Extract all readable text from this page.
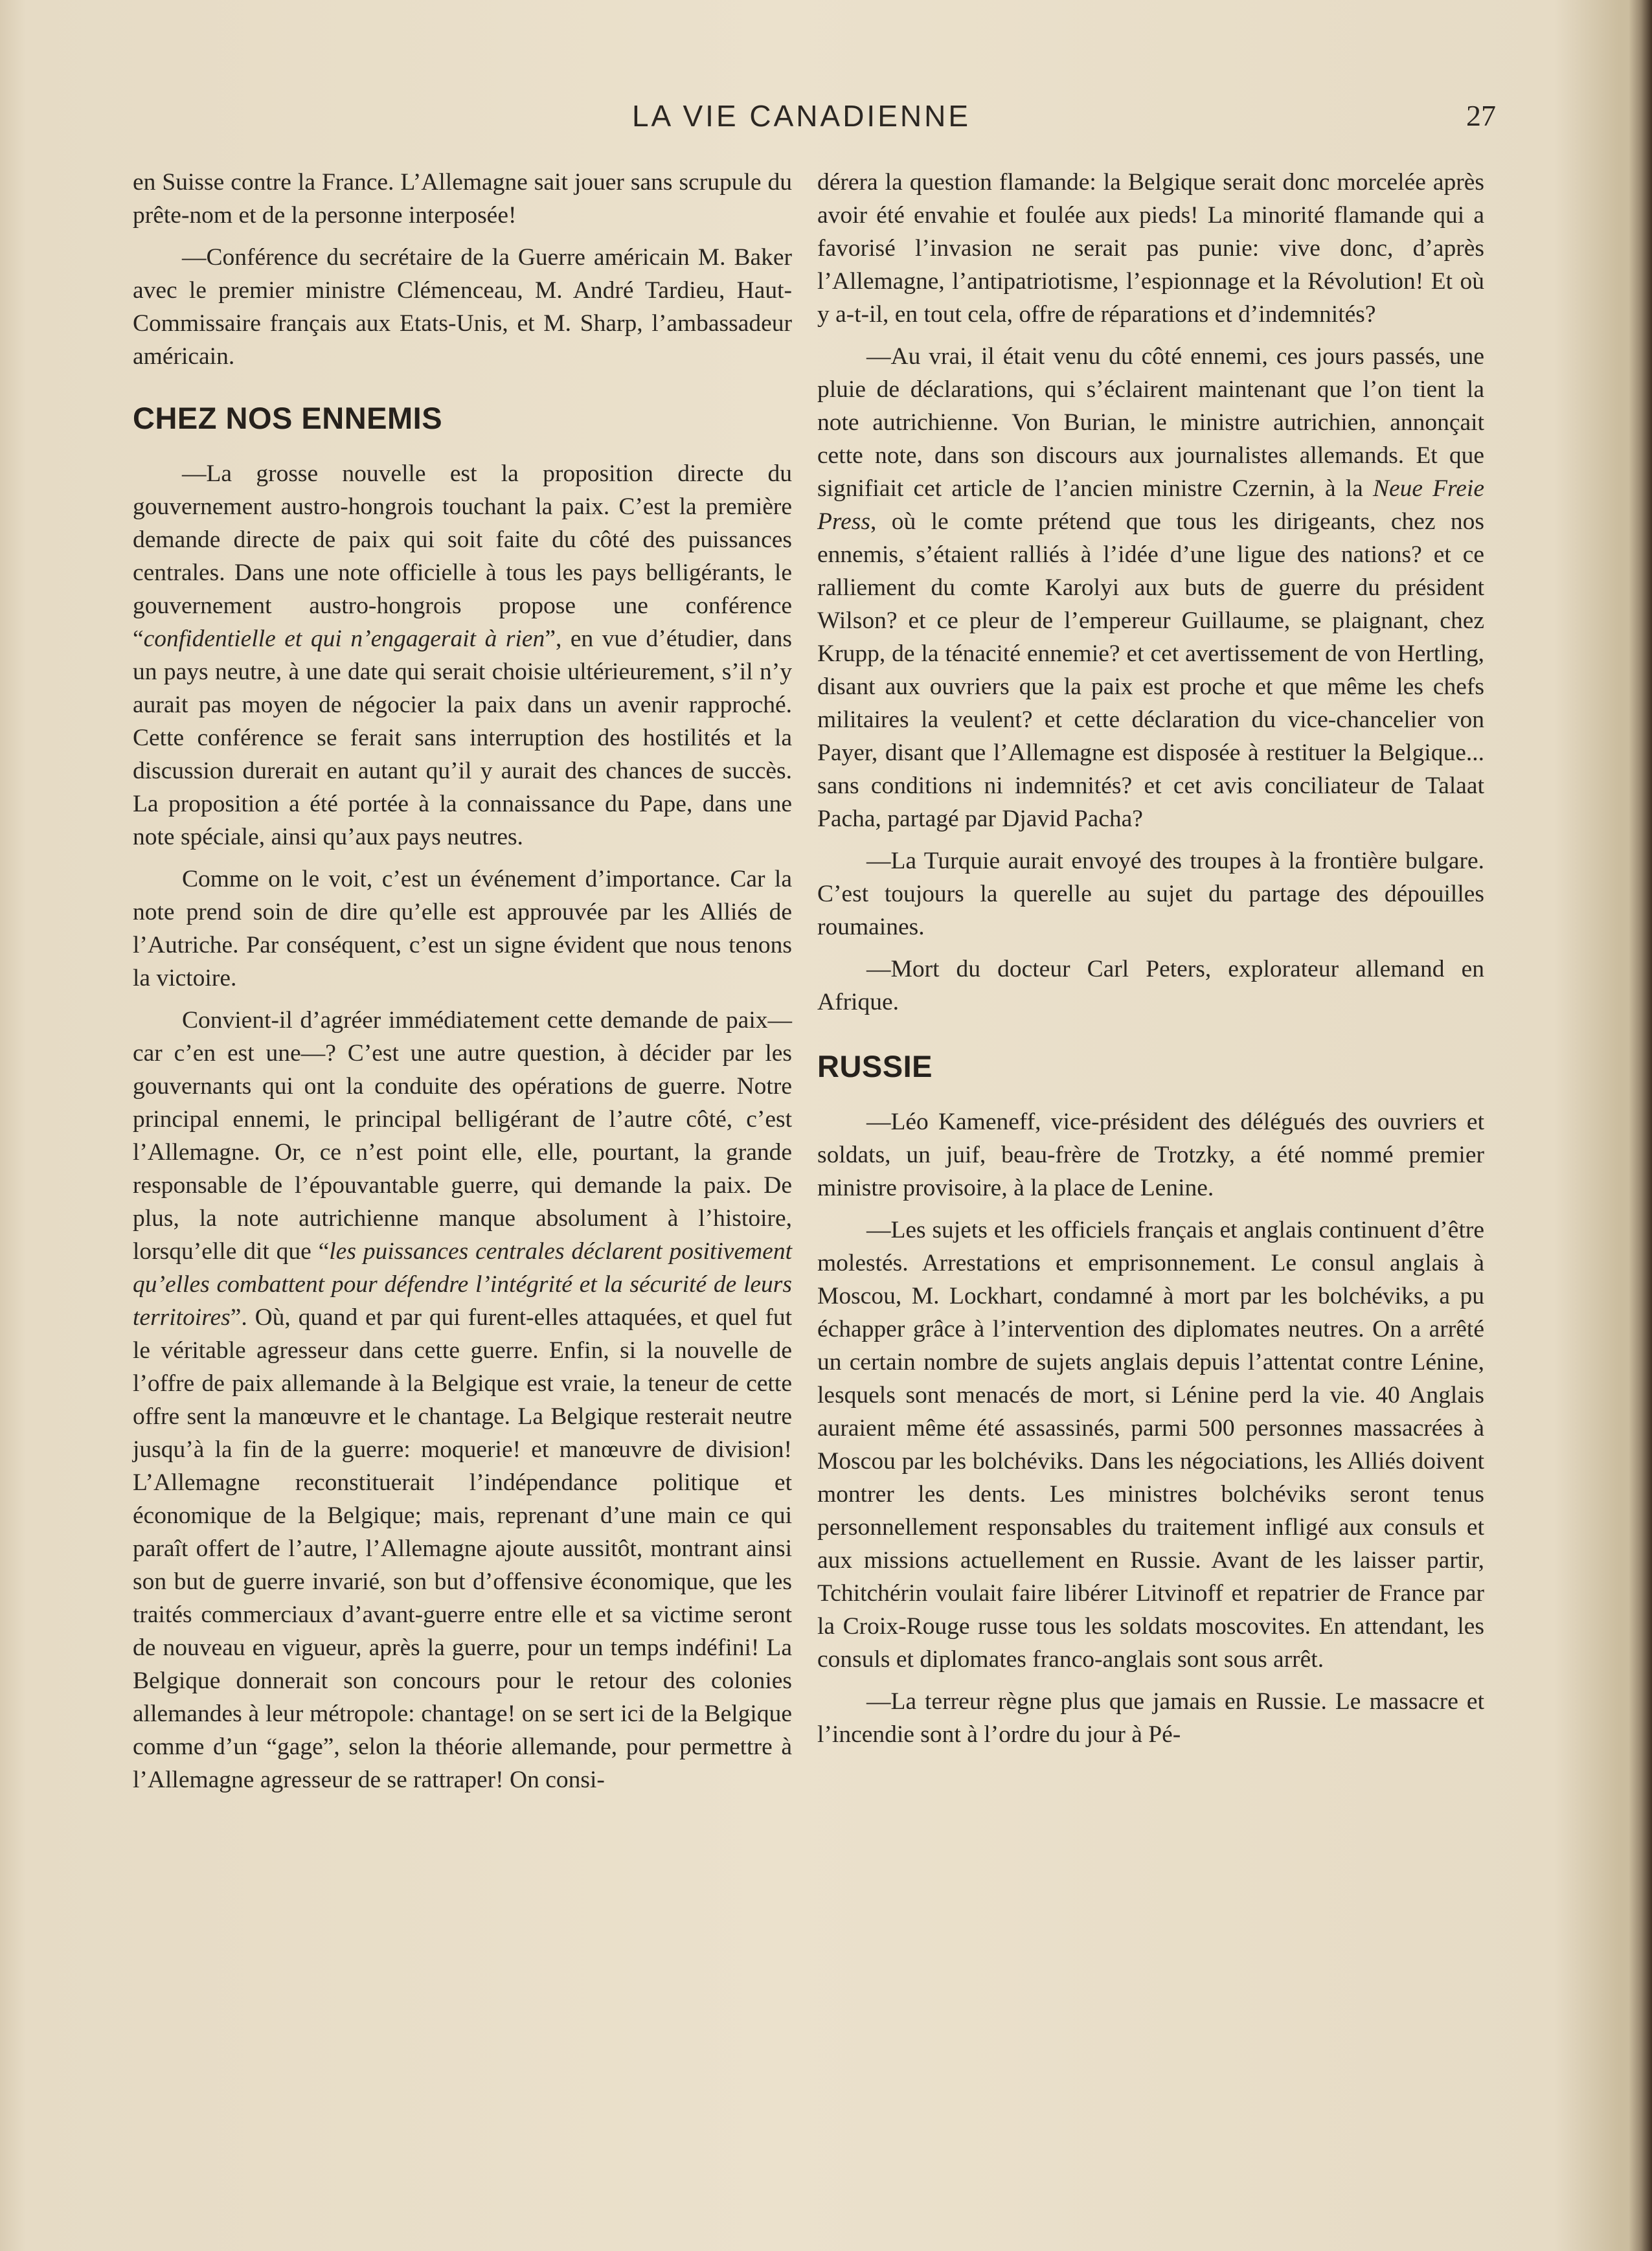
LA VIE CANADIENNE	27

en Suisse contre la France. L’Allemagne sait jouer sans scrupule du prête-nom et de la personne interposée!

—Conférence du secrétaire de la Guerre américain M. Baker avec le premier ministre Clémenceau, M. André Tardieu, Haut-Commissaire français aux Etats-Unis, et M. Sharp, l’ambassadeur américain.

CHEZ NOS ENNEMIS

—La grosse nouvelle est la proposition directe du gouvernement austro-hongrois touchant la paix. C’est la première demande directe de paix qui soit faite du côté des puissances centrales. Dans une note officielle à tous les pays belligérants, le gouvernement austro-hongrois propose une conférence “confidentielle et qui n’engagerait à rien”, en vue d’étudier, dans un pays neutre, à une date qui serait choisie ultérieurement, s’il n’y aurait pas moyen de négocier la paix dans un avenir rapproché. Cette conférence se ferait sans interruption des hostilités et la discussion durerait en autant qu’il y aurait des chances de succès. La proposition a été portée à la connaissance du Pape, dans une note spéciale, ainsi qu’aux pays neutres.

Comme on le voit, c’est un événement d’importance. Car la note prend soin de dire qu’elle est approuvée par les Alliés de l’Autriche. Par conséquent, c’est un signe évident que nous tenons la victoire.

Convient-il d’agréer immédiatement cette demande de paix—car c’en est une—? C’est une autre question, à décider par les gouvernants qui ont la conduite des opérations de guerre. Notre principal ennemi, le principal belligérant de l’autre côté, c’est l’Allemagne. Or, ce n’est point elle, elle, pourtant, la grande responsable de l’épouvantable guerre, qui demande la paix. De plus, la note autrichienne manque absolument à l’histoire, lorsqu’elle dit que “les puissances centrales déclarent positivement qu’elles combattent pour défendre l’intégrité et la sécurité de leurs territoires”. Où, quand et par qui furent-elles attaquées, et quel fut le véritable agresseur dans cette guerre. Enfin, si la nouvelle de l’offre de paix allemande à la Belgique est vraie, la teneur de cette offre sent la manœuvre et le chantage. La Belgique resterait neutre jusqu’à la fin de la guerre: moquerie! et manœuvre de division! L’Allemagne reconstituerait l’indépendance politique et économique de la Belgique; mais, reprenant d’une main ce qui paraît offert de l’autre, l’Allemagne ajoute aussitôt, montrant ainsi son but de guerre invarié, son but d’offensive économique, que les traités commerciaux d’avant-guerre entre elle et sa victime seront de nouveau en vigueur, après la guerre, pour un temps indéfini! La Belgique donnerait son concours pour le retour des colonies allemandes à leur métropole: chantage! on se sert ici de la Belgique comme d’un “gage”, selon la théorie allemande, pour permettre à l’Allemagne agresseur de se rattraper! On consi-

dérera la question flamande: la Belgique serait donc morcelée après avoir été envahie et foulée aux pieds! La minorité flamande qui a favorisé l’invasion ne serait pas punie: vive donc, d’après l’Allemagne, l’antipatriotisme, l’espionnage et la Révolution! Et où y a-t-il, en tout cela, offre de réparations et d’indemnités?

—Au vrai, il était venu du côté ennemi, ces jours passés, une pluie de déclarations, qui s’éclairent maintenant que l’on tient la note autrichienne. Von Burian, le ministre autrichien, annonçait cette note, dans son discours aux journalistes allemands. Et que signifiait cet article de l’ancien ministre Czernin, à la Neue Freie Press, où le comte prétend que tous les dirigeants, chez nos ennemis, s’étaient ralliés à l’idée d’une ligue des nations? et ce ralliement du comte Karolyi aux buts de guerre du président Wilson? et ce pleur de l’empereur Guillaume, se plaignant, chez Krupp, de la ténacité ennemie? et cet avertissement de von Hertling, disant aux ouvriers que la paix est proche et que même les chefs militaires la veulent? et cette déclaration du vice-chancelier von Payer, disant que l’Allemagne est disposée à restituer la Belgique... sans conditions ni indemnités? et cet avis conciliateur de Talaat Pacha, partagé par Djavid Pacha?

—La Turquie aurait envoyé des troupes à la frontière bulgare. C’est toujours la querelle au sujet du partage des dépouilles roumaines.

—Mort du docteur Carl Peters, explorateur allemand en Afrique.

RUSSIE

—Léo Kameneff, vice-président des délégués des ouvriers et soldats, un juif, beau-frère de Trotzky, a été nommé premier ministre provisoire, à la place de Lenine.

—Les sujets et les officiels français et anglais continuent d’être molestés. Arrestations et emprisonnement. Le consul anglais à Moscou, M. Lockhart, condamné à mort par les bolchéviks, a pu échapper grâce à l’intervention des diplomates neutres. On a arrêté un certain nombre de sujets anglais depuis l’attentat contre Lénine, lesquels sont menacés de mort, si Lénine perd la vie. 40 Anglais auraient même été assassinés, parmi 500 personnes massacrées à Moscou par les bolchéviks. Dans les négociations, les Alliés doivent montrer les dents. Les ministres bolchéviks seront tenus personnellement responsables du traitement infligé aux consuls et aux missions actuellement en Russie. Avant de les laisser partir, Tchitchérin voulait faire libérer Litvinoff et repatrier de France par la Croix-Rouge russe tous les soldats moscovites. En attendant, les consuls et diplomates franco-anglais sont sous arrêt.

—La terreur règne plus que jamais en Russie. Le massacre et l’incendie sont à l’ordre du jour à Pé-
